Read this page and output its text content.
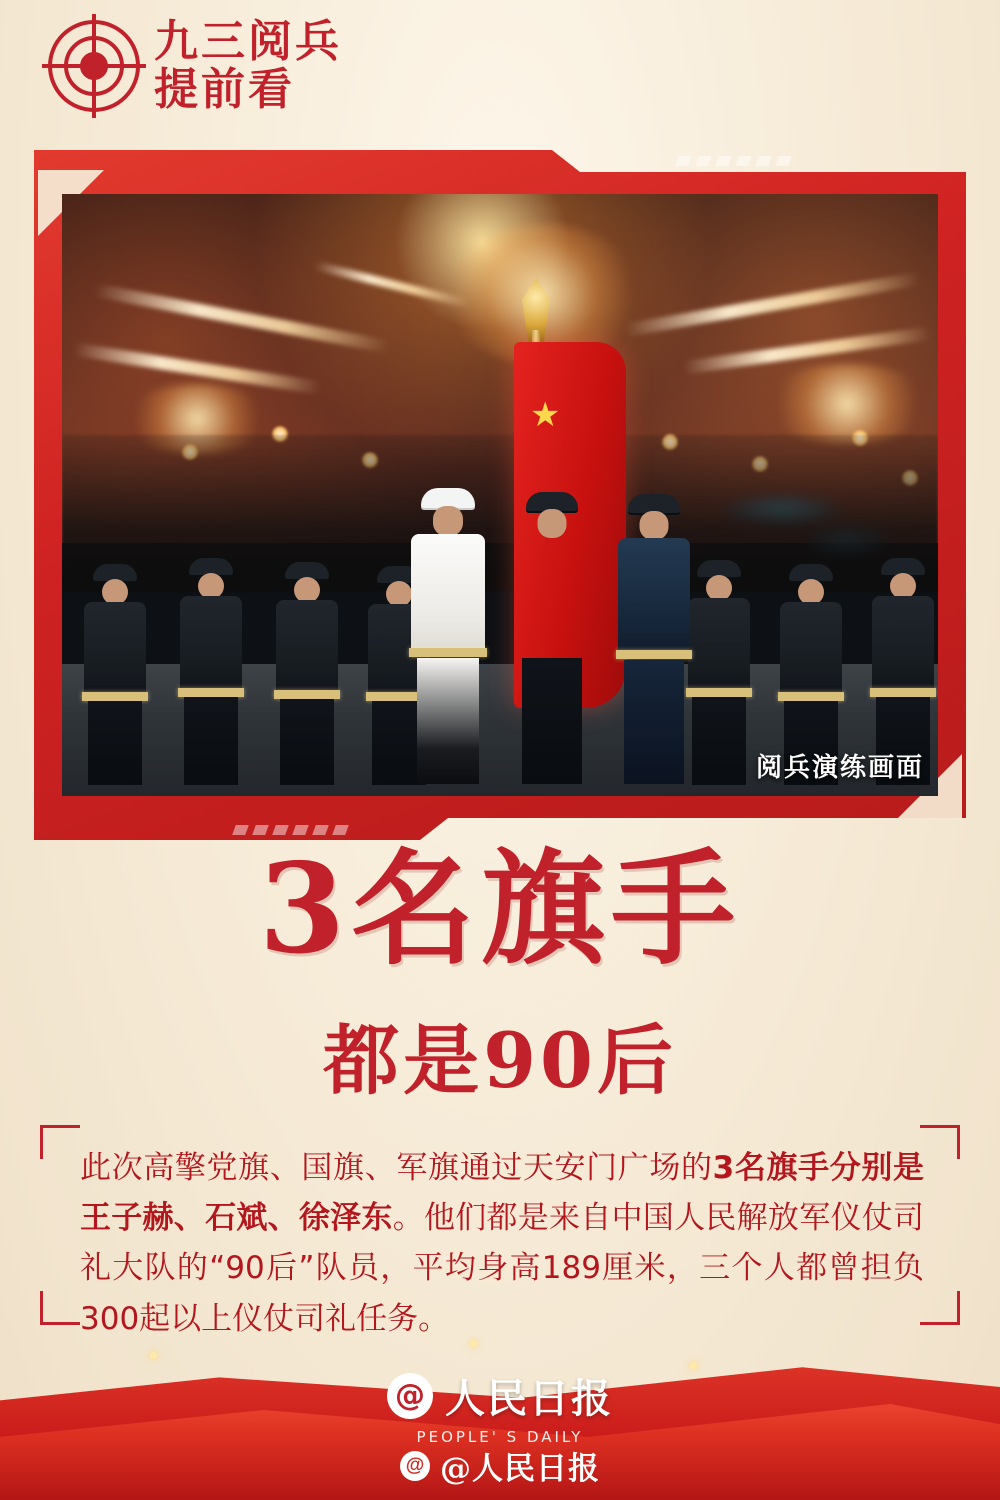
九三阅兵
提前看
★
阅兵演练画面
3名旗手
都是90后
此次高擎党旗、国旗、军旗通过天安门广场的3名旗手分别是王子赫、石斌、徐泽东。他们都是来自中国人民解放军仪仗司礼大队的“90后”队员，平均身高189厘米，三个人都曾担负300起以上仪仗司礼任务。
@ 人民日报
PEOPLE' S DAILY
@ @人民日报
